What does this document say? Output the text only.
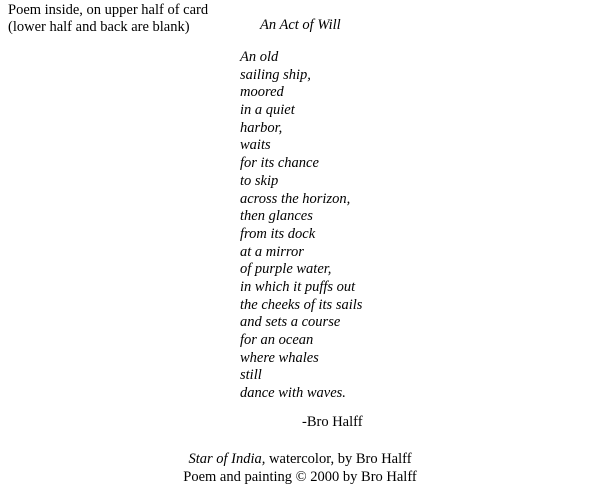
Poem inside, on upper half of card
(lower half and back are blank)	An Act of Will
An old
sailing ship,
moored
in a quiet
harbor,
waits
for its chance
to skip
across the horizon,
then glances
from its dock
at a mirror
of purple water,
in which it puffs out
the cheeks of its sails
and sets a course
for an ocean
where whales
still
dance with waves.
-Bro Halff
Star of India, watercolor, by Bro Halff
Poem and painting © 2000 by Bro Halff
